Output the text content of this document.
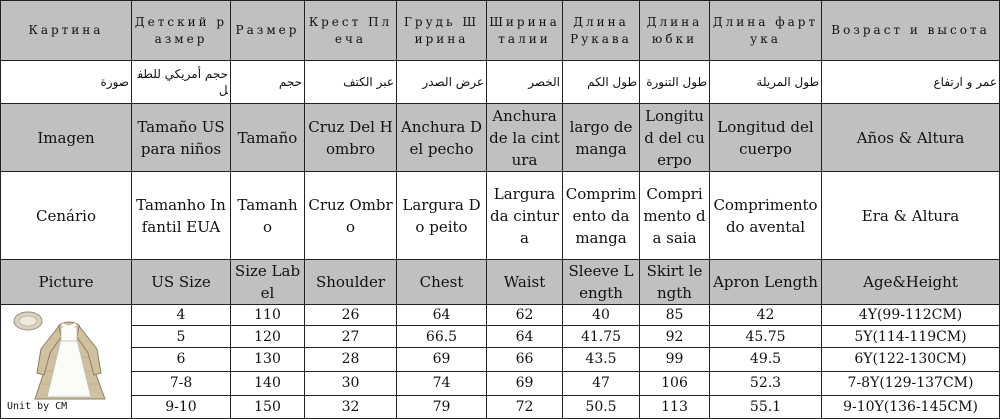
Картина	Детский размер	Размер	Крест Плеча	Грудь Ширина	Ширина талии	Длина Рукава	Длина юбки	Длина фартука	Возраст и высота
صورة	حجم أمريكي للطفل	حجم	عبر الكتف	عرض الصدر	الخصر	طول الكم	طول التنورة	طول المريلة	عمر و ارتفاع
Imagen	Tamaño US para niños	Tamaño	Cruz Del Hombro	Anchura Del pecho	Anchura de la cintura	largo de manga	Longitud del cuerpo	Longitud del cuerpo	Años & Altura
Cenário	Tamanho Infantil EUA	Tamanho	Cruz Ombro	Largura Do peito	Largura da cintura	Comprimento da manga	Comprimento da saia	Comprimento do avental	Era & Altura
Picture	US Size	Size Label	Shoulder	Chest	Waist	Sleeve Length	Skirt length	Apron Length	Age&Height

Unit by CM	4	110	26	64	62	40	85	42	4Y(99-112CM)
	5	120	27	66.5	64	41.75	92	45.75	5Y(114-119CM)
	6	130	28	69	66	43.5	99	49.5	6Y(122-130CM)
	7-8	140	30	74	69	47	106	52.3	7-8Y(129-137CM)
	9-10	150	32	79	72	50.5	113	55.1	9-10Y(136-145CM)
